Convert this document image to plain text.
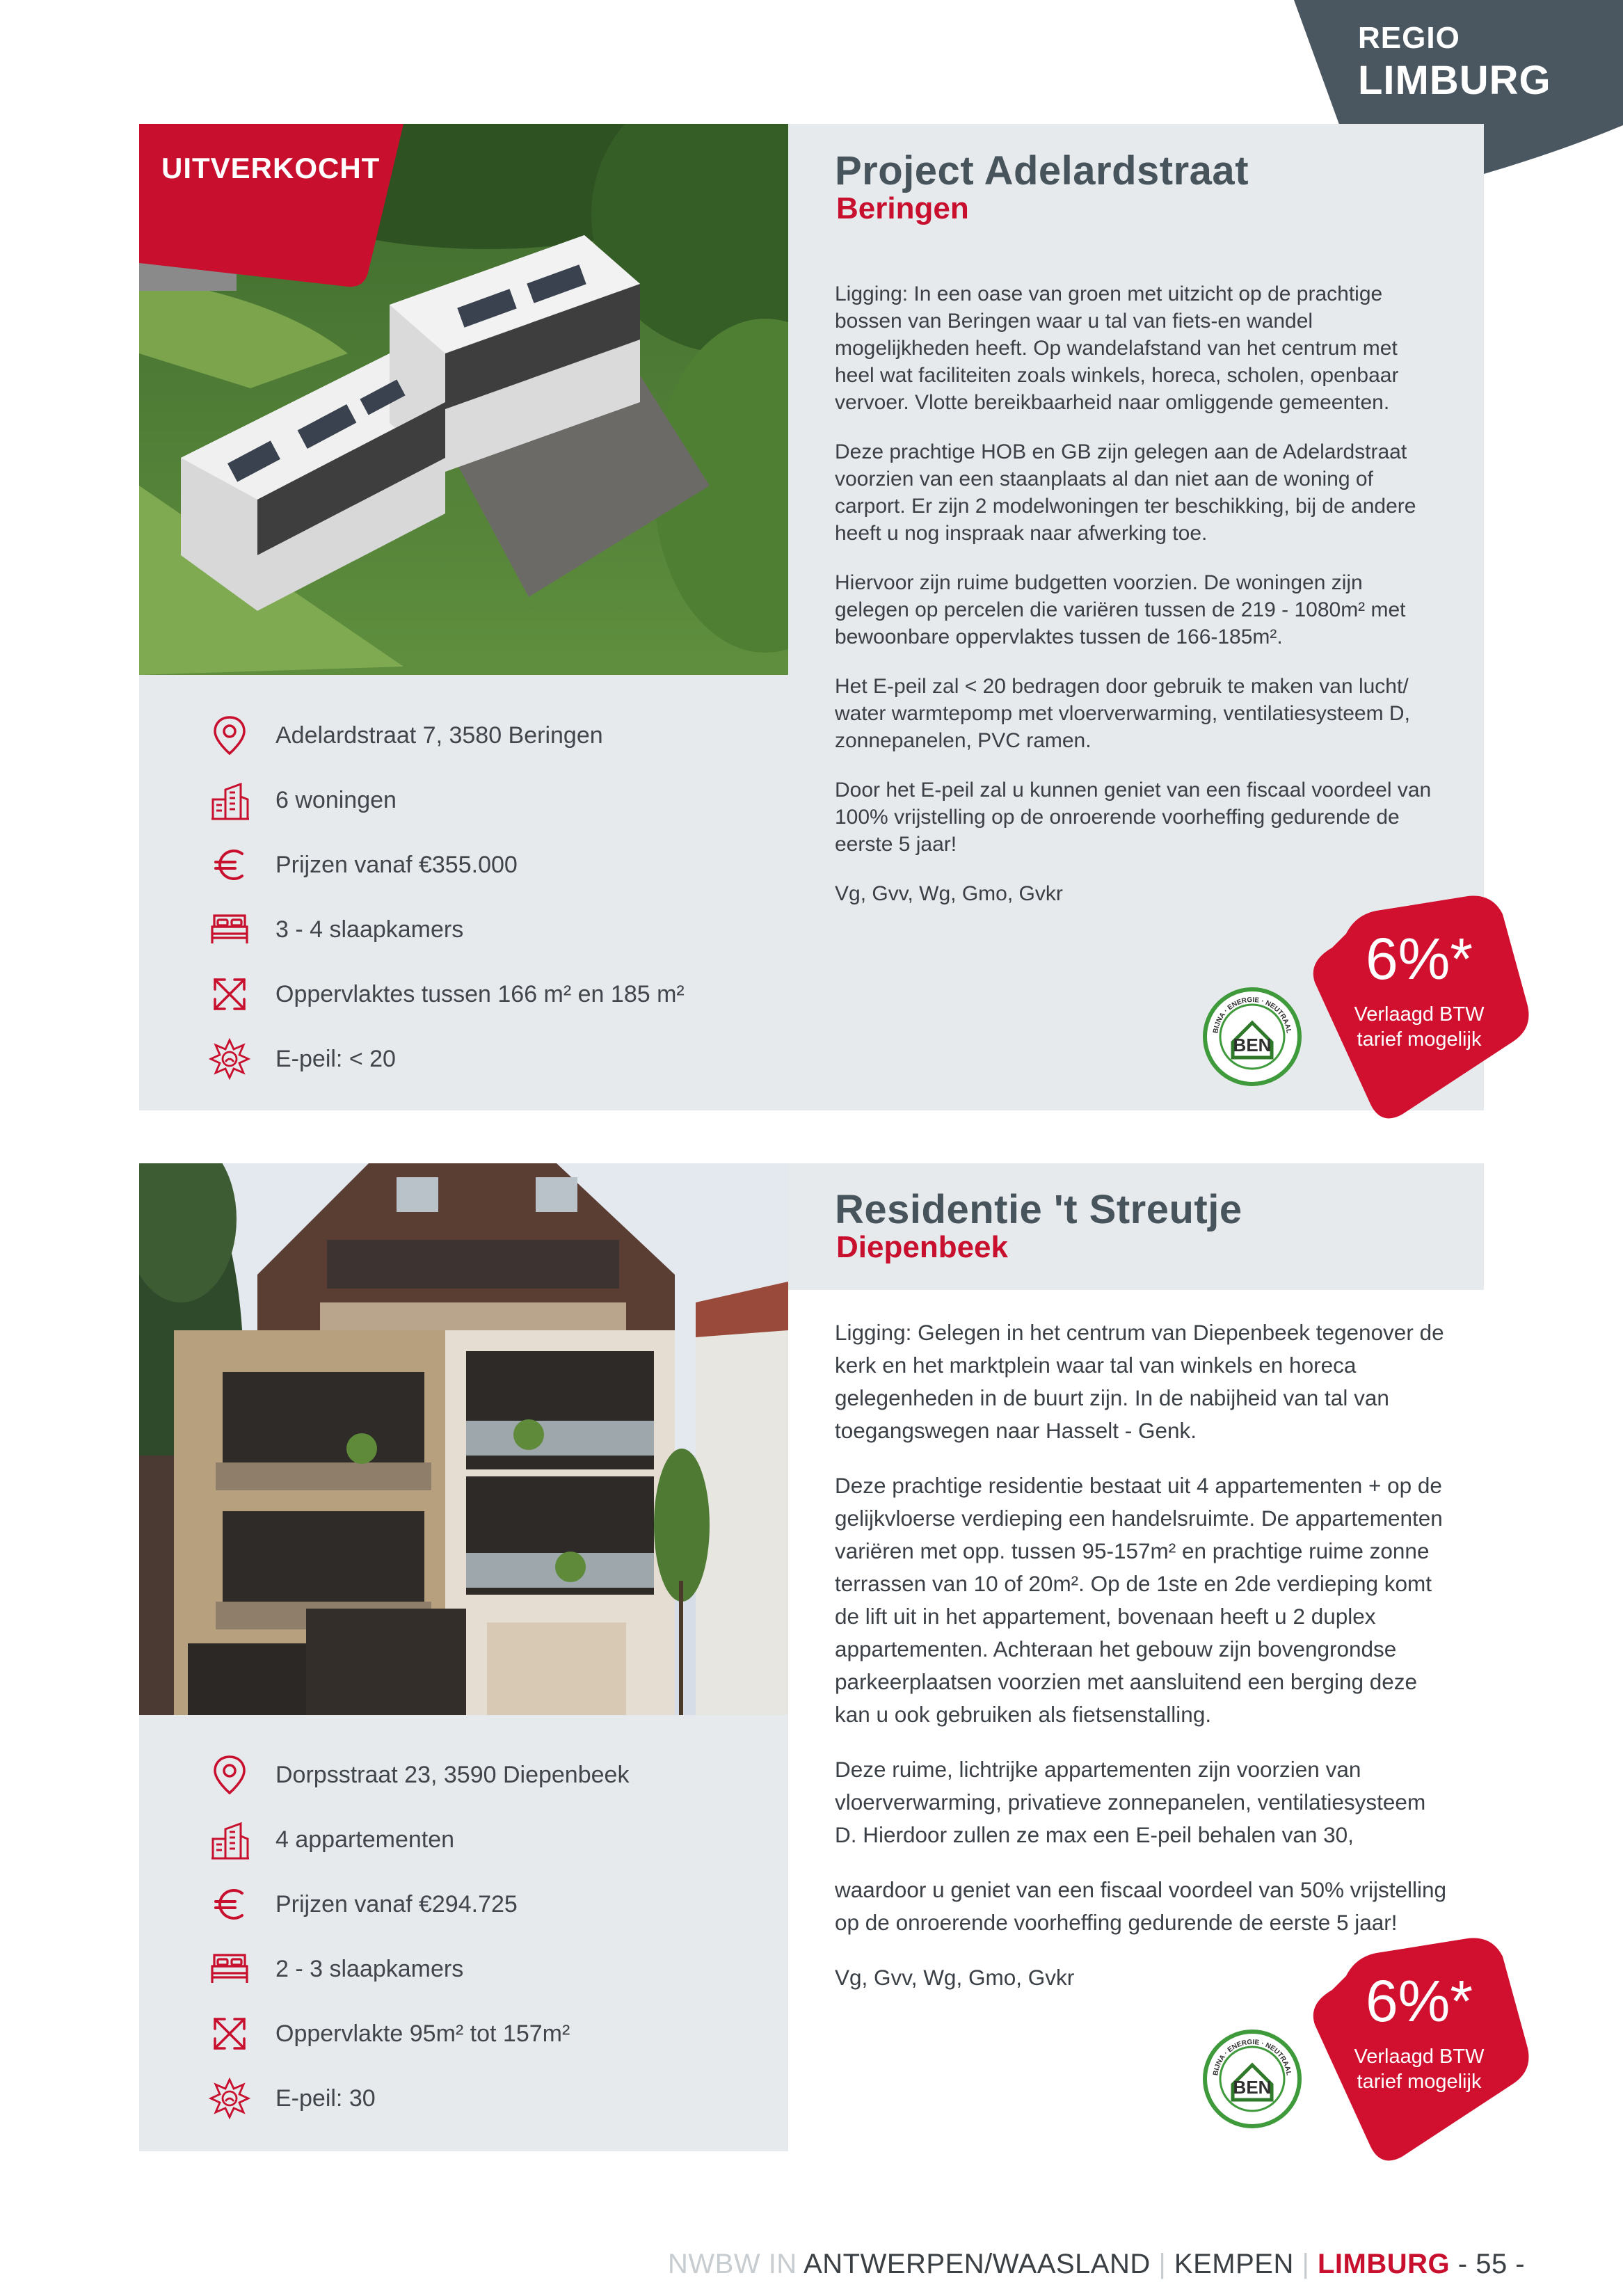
REGIO
LIMBURG
UITVERKOCHT	Project Adelardstraat
Beringen

Ligging: In een oase van groen met uitzicht op de prachtige bossen van Beringen waar u tal van fiets-en wandel mogelijkheden heeft. Op wandelafstand van het centrum met heel wat faciliteiten zoals winkels, horeca, scholen, openbaar vervoer. Vlotte bereikbaarheid naar omliggende gemeenten.

Deze prachtige HOB en GB zijn gelegen aan de Adelardstraat voorzien van een staanplaats al dan niet aan de woning of carport. Er zijn 2 modelwoningen ter beschikking, bij de andere heeft u nog inspraak naar afwerking toe.

Hiervoor zijn ruime budgetten voorzien. De woningen zijn gelegen op percelen die variëren tussen de 219 - 1080m² met bewoonbare oppervlaktes tussen de 166-185m².

Het E-peil zal < 20 bedragen door gebruik te maken van lucht/ water warmtepomp met vloerverwarming, ventilatiesysteem D, zonnepanelen, PVC ramen.

Door het E-peil zal u kunnen geniet van een fiscaal voordeel van 100% vrijstelling op de onroerende voorheffing gedurende de eerste 5 jaar!

Vg, Gvv, Wg, Gmo, Gvkr

Adelardstraat 7, 3580 Beringen
6 woningen
Prijzen vanaf €355.000
3 - 4 slaapkamers
Oppervlaktes tussen 166 m² en 185 m²
E-peil: < 20
BEN
BIJNA · ENERGIE · NEUTRAAL
6%*
Verlaagd BTW
tarief mogelijk
Residentie 't Streutje
Diepenbeek

Ligging: Gelegen in het centrum van Diepenbeek tegenover de kerk en het marktplein waar tal van winkels en horeca gelegenheden in de buurt zijn. In de nabijheid van tal van toegangswegen naar Hasselt - Genk.

Deze prachtige residentie bestaat uit 4 appartementen + op de gelijkvloerse verdieping een handelsruimte. De appartementen variëren met opp. tussen 95-157m² en prachtige ruime zonne terrassen van 10 of 20m². Op de 1ste en 2de verdieping komt de lift uit in het appartement, bovenaan heeft u 2 duplex appartementen. Achteraan het gebouw zijn bovengrondse parkeerplaatsen voorzien met aansluitend een berging deze kan u ook gebruiken als fietsenstalling.

Deze ruime, lichtrijke appartementen zijn voorzien van vloerverwarming, privatieve zonnepanelen, ventilatiesysteem D. Hierdoor zullen ze max een E-peil behalen van 30,

waardoor u geniet van een fiscaal voordeel van 50% vrijstelling op de onroerende voorheffing gedurende de eerste 5 jaar!

Vg, Gvv, Wg, Gmo, Gvkr

Dorpsstraat 23, 3590 Diepenbeek
4 appartementen
Prijzen vanaf €294.725
2 - 3 slaapkamers
Oppervlakte 95m² tot 157m²
E-peil: 30	BEN
BIJNA · ENERGIE · NEUTRAAL
6%*
Verlaagd BTW
tarief mogelijk
NWBW IN ANTWERPEN/WAASLAND | KEMPEN | LIMBURG - 55 -
